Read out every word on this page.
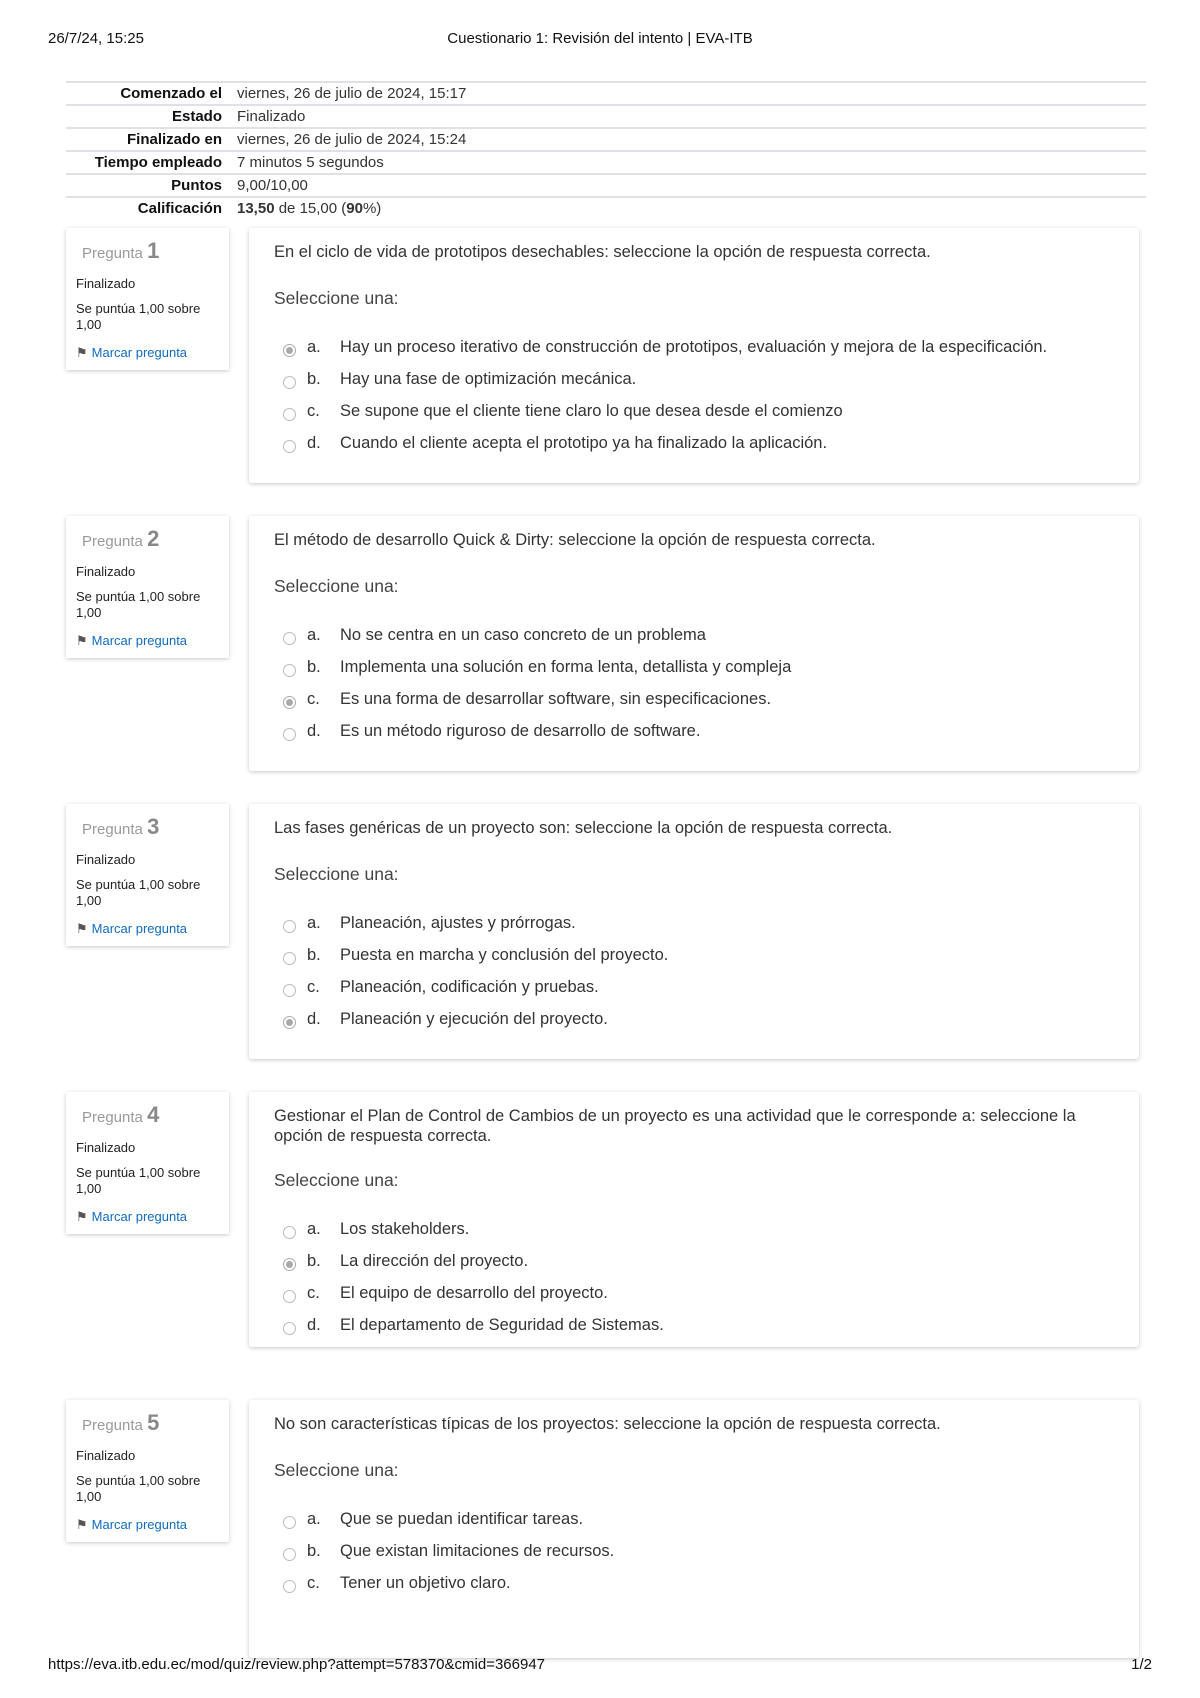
26/7/24, 15:25	Cuestionario 1: Revisión del intento | EVA-ITB
Comenzado el	viernes, 26 de julio de 2024, 15:17
Estado	Finalizado
Finalizado en	viernes, 26 de julio de 2024, 15:24
Tiempo empleado	7 minutos 5 segundos
Puntos	9,00/10,00
Calificación	13,50 de 15,00 (90%)
Pregunta 1
Finalizado
Se puntúa 1,00 sobre 1,00
⚑ Marcar pregunta
En el ciclo de vida de prototipos desechables: seleccione la opción de respuesta correcta.
Seleccione una:
a. Hay un proceso iterativo de construcción de prototipos, evaluación y mejora de la especificación.
b. Hay una fase de optimización mecánica.
c. Se supone que el cliente tiene claro lo que desea desde el comienzo
d. Cuando el cliente acepta el prototipo ya ha finalizado la aplicación.
Pregunta 2
Finalizado
Se puntúa 1,00 sobre 1,00
⚑ Marcar pregunta
El método de desarrollo Quick & Dirty: seleccione la opción de respuesta correcta.
Seleccione una:
a. No se centra en un caso concreto de un problema
b. Implementa una solución en forma lenta, detallista y compleja
c. Es una forma de desarrollar software, sin especificaciones.
d. Es un método riguroso de desarrollo de software.
Pregunta 3
Finalizado
Se puntúa 1,00 sobre 1,00
⚑ Marcar pregunta
Las fases genéricas de un proyecto son: seleccione la opción de respuesta correcta.
Seleccione una:
a. Planeación, ajustes y prórrogas.
b. Puesta en marcha y conclusión del proyecto.
c. Planeación, codificación y pruebas.
d. Planeación y ejecución del proyecto.
Pregunta 4
Finalizado
Se puntúa 1,00 sobre 1,00
⚑ Marcar pregunta
Gestionar el Plan de Control de Cambios de un proyecto es una actividad que le corresponde a: seleccione la opción de respuesta correcta.
Seleccione una:
a. Los stakeholders.
b. La dirección del proyecto.
c. El equipo de desarrollo del proyecto.
d. El departamento de Seguridad de Sistemas.
Pregunta 5
Finalizado
Se puntúa 1,00 sobre 1,00
⚑ Marcar pregunta
No son características típicas de los proyectos: seleccione la opción de respuesta correcta.
Seleccione una:
a. Que se puedan identificar tareas.
b. Que existan limitaciones de recursos.
c. Tener un objetivo claro.
https://eva.itb.edu.ec/mod/quiz/review.php?attempt=578370&cmid=366947	1/2
